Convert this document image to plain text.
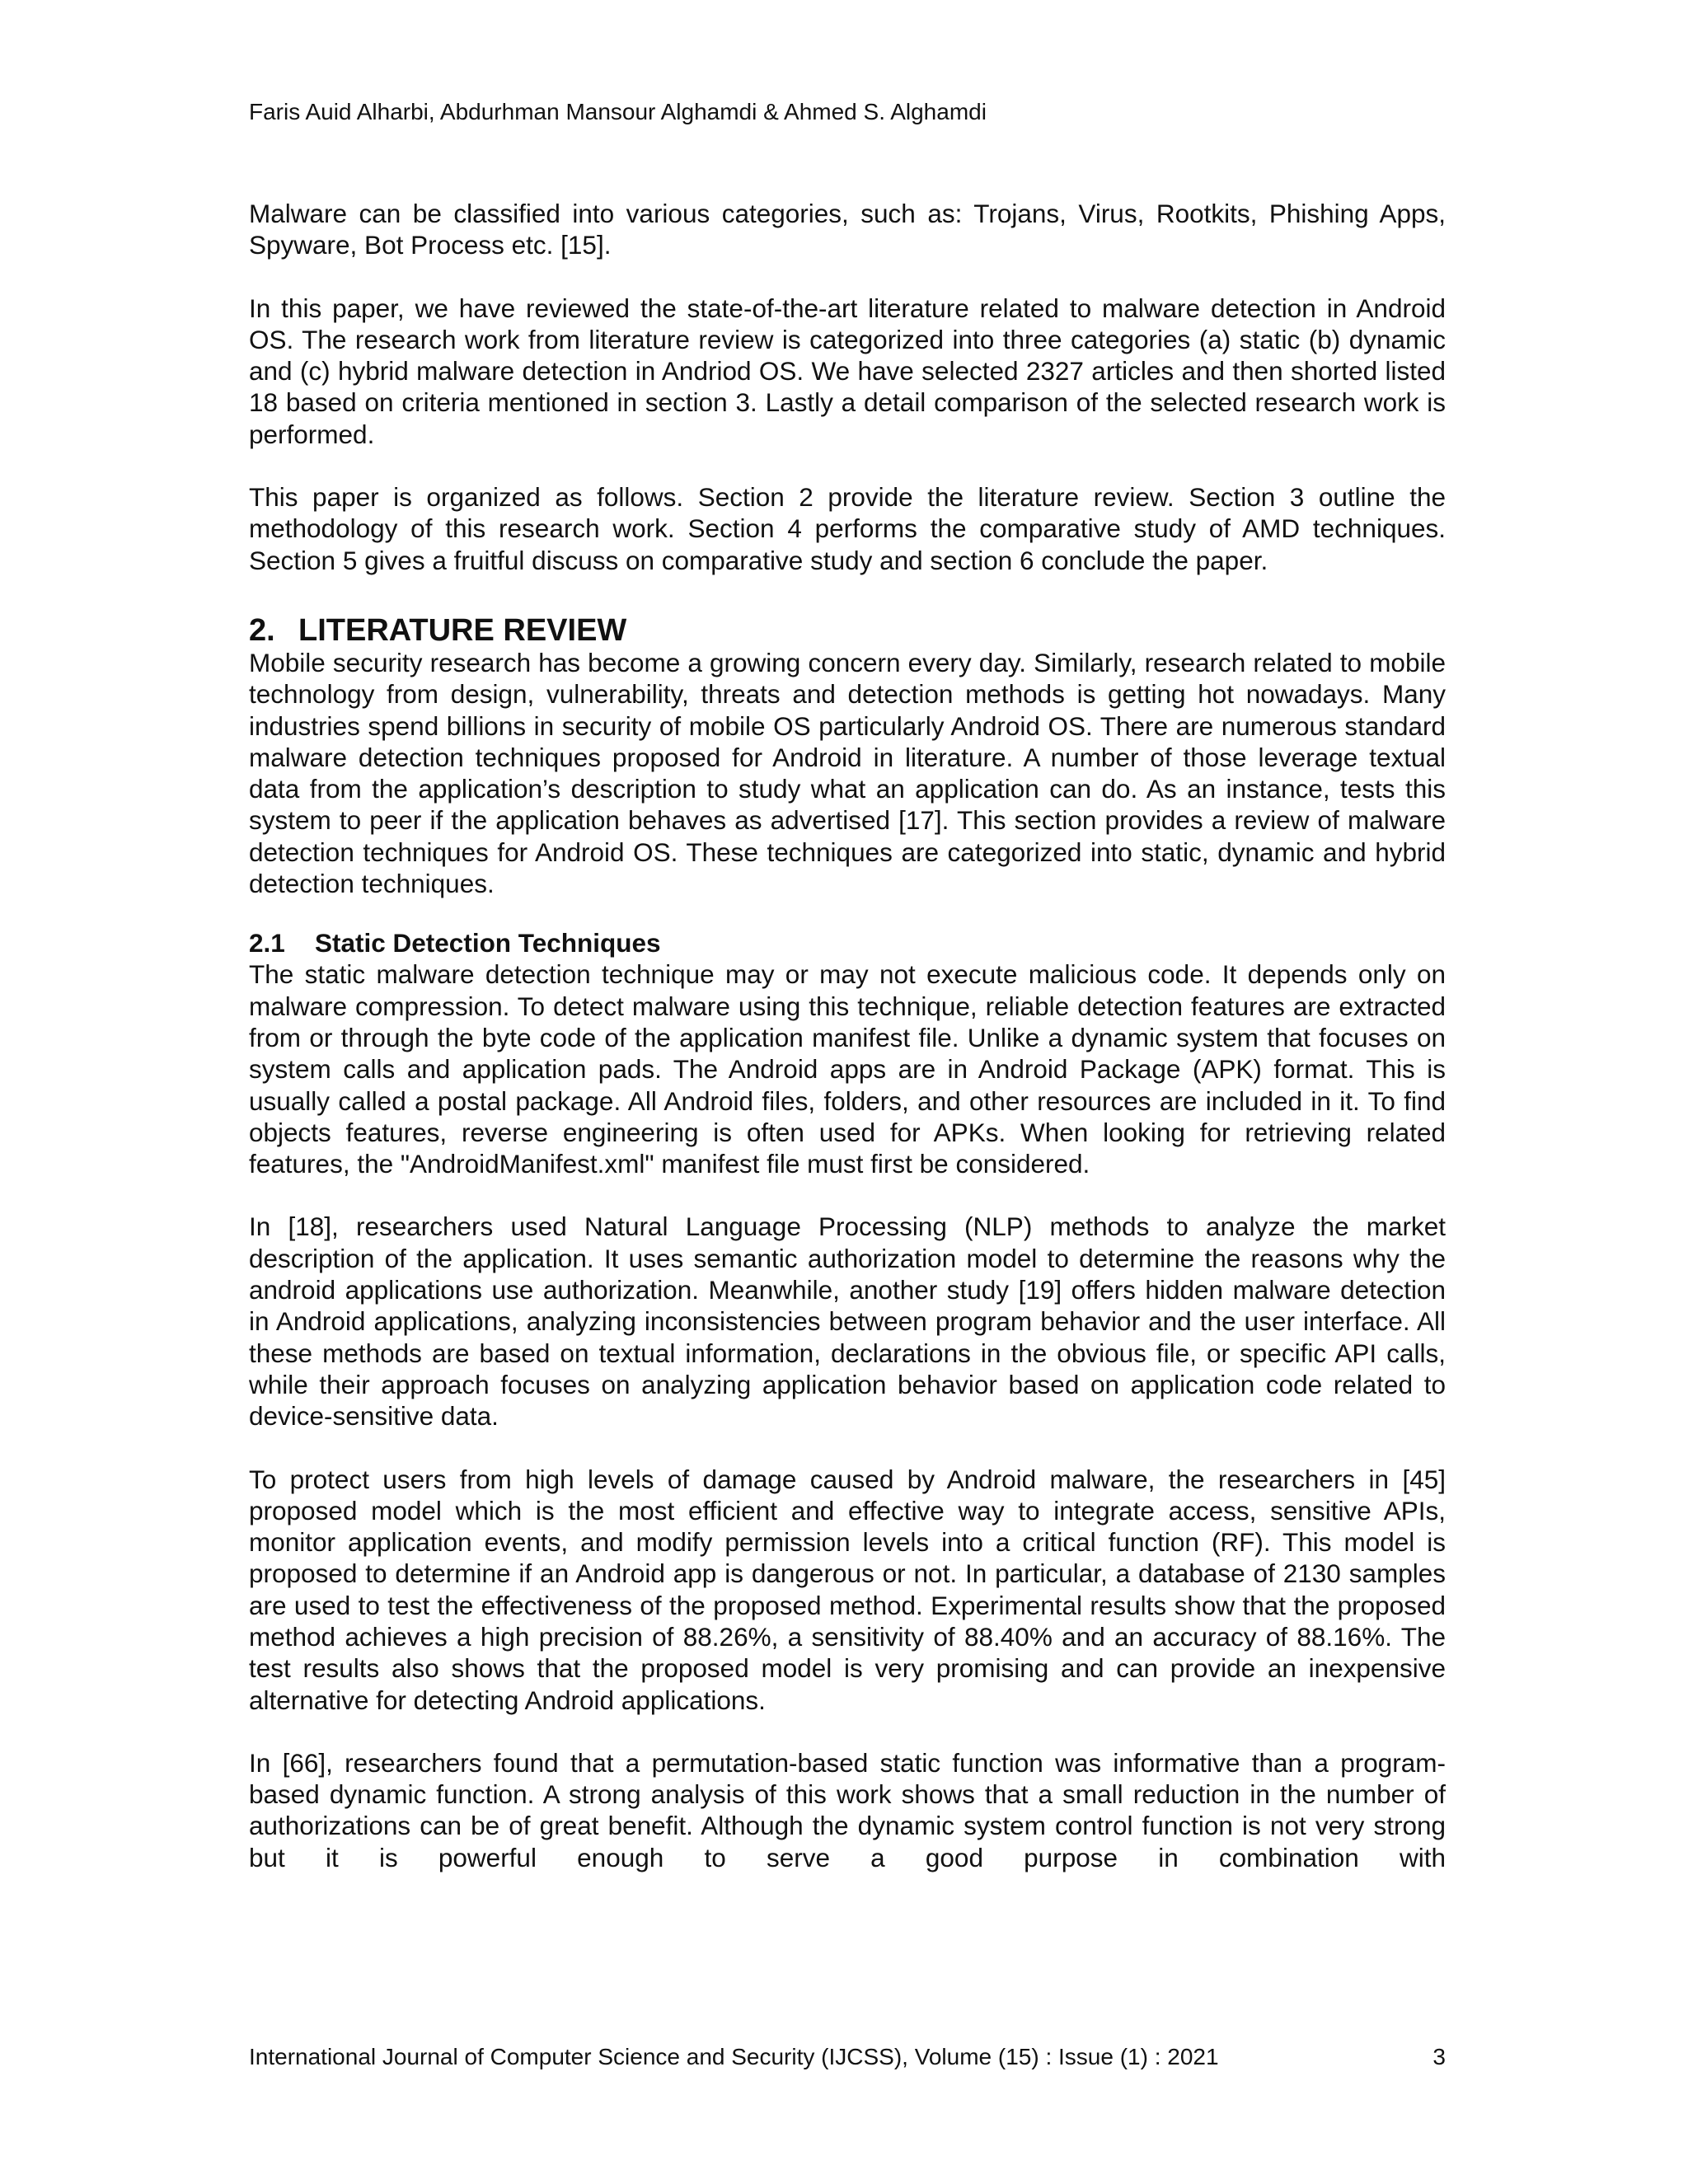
Faris Auid Alharbi, Abdurhman Mansour Alghamdi & Ahmed S. Alghamdi

Malware can be classified into various categories, such as: Trojans, Virus, Rootkits, Phishing Apps, Spyware, Bot Process etc. [15].

In this paper, we have reviewed the state-of-the-art literature related to malware detection in Android OS. The research work from literature review is categorized into three categories (a) static (b) dynamic and (c) hybrid malware detection in Andriod OS. We have selected 2327 articles and then shorted listed 18 based on criteria mentioned in section 3. Lastly a detail comparison of the selected research work is performed.

This paper is organized as follows. Section 2 provide the literature review. Section 3 outline the methodology of this research work. Section 4 performs the comparative study of AMD techniques. Section 5 gives a fruitful discuss on comparative study and section 6 conclude the paper.

2. LITERATURE REVIEW

Mobile security research has become a growing concern every day. Similarly, research related to mobile technology from design, vulnerability, threats and detection methods is getting hot nowadays. Many industries spend billions in security of mobile OS particularly Android OS. There are numerous standard malware detection techniques proposed for Android in literature. A number of those leverage textual data from the application’s description to study what an application can do. As an instance, tests this system to peer if the application behaves as advertised [17]. This section provides a review of malware detection techniques for Android OS. These techniques are categorized into static, dynamic and hybrid detection techniques.

2.1 Static Detection Techniques

The static malware detection technique may or may not execute malicious code. It depends only on malware compression. To detect malware using this technique, reliable detection features are extracted from or through the byte code of the application manifest file. Unlike a dynamic system that focuses on system calls and application pads. The Android apps are in Android Package (APK) format. This is usually called a postal package. All Android files, folders, and other resources are included in it. To find objects features, reverse engineering is often used for APKs. When looking for retrieving related features, the "AndroidManifest.xml" manifest file must first be considered.

In [18], researchers used Natural Language Processing (NLP) methods to analyze the market description of the application. It uses semantic authorization model to determine the reasons why the android applications use authorization. Meanwhile, another study [19] offers hidden malware detection in Android applications, analyzing inconsistencies between program behavior and the user interface. All these methods are based on textual information, declarations in the obvious file, or specific API calls, while their approach focuses on analyzing application behavior based on application code related to device-sensitive data.

To protect users from high levels of damage caused by Android malware, the researchers in [45] proposed model which is the most efficient and effective way to integrate access, sensitive APIs, monitor application events, and modify permission levels into a critical function (RF). This model is proposed to determine if an Android app is dangerous or not. In particular, a database of 2130 samples are used to test the effectiveness of the proposed method. Experimental results show that the proposed method achieves a high precision of 88.26%, a sensitivity of 88.40% and an accuracy of 88.16%. The test results also shows that the proposed model is very promising and can provide an inexpensive alternative for detecting Android applications.

In [66], researchers found that a permutation-based static function was informative than a program-based dynamic function. A strong analysis of this work shows that a small reduction in the number of authorizations can be of great benefit. Although the dynamic system control function is not very strong but it is powerful enough to serve a good purpose in combination with

International Journal of Computer Science and Security (IJCSS), Volume (15) : Issue (1) : 2021	3
